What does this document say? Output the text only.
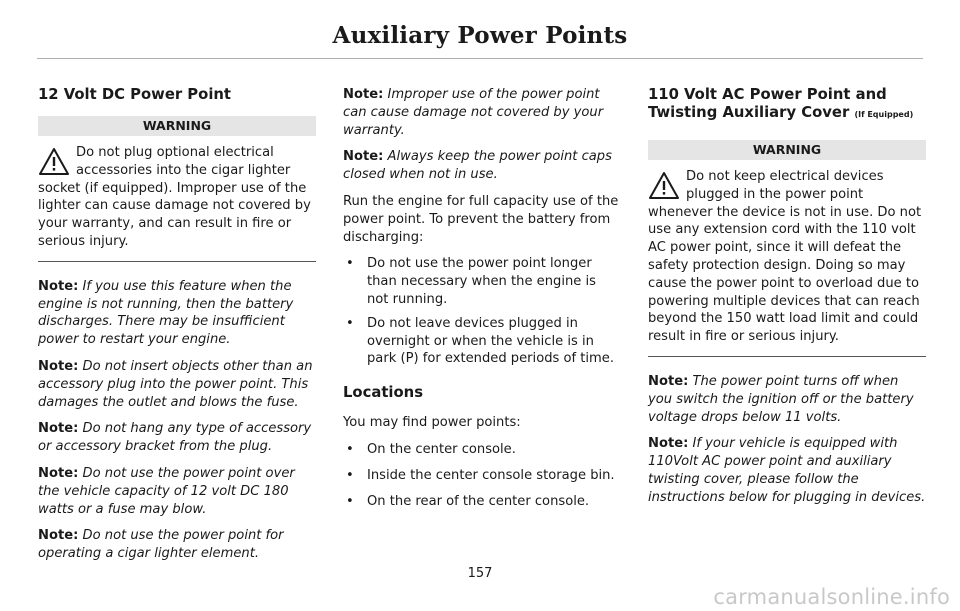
Auxiliary Power Points
12 Volt DC Power Point
WARNING
Do not plug optional electrical accessories into the cigar lighter socket (if equipped). Improper use of the lighter can cause damage not covered by your warranty, and can result in fire or serious injury.

Note: If you use this feature when the engine is not running, then the battery discharges. There may be insufficient power to restart your engine.

Note: Do not insert objects other than an accessory plug into the power point. This damages the outlet and blows the fuse.

Note: Do not hang any type of accessory or accessory bracket from the plug.

Note: Do not use the power point over the vehicle capacity of 12 volt DC 180 watts or a fuse may blow.

Note: Do not use the power point for operating a cigar lighter element.

Note: Improper use of the power point can cause damage not covered by your warranty.

Note: Always keep the power point caps closed when not in use.

Run the engine for full capacity use of the power point. To prevent the battery from discharging:

• Do not use the power point longer than necessary when the engine is not running.
• Do not leave devices plugged in overnight or when the vehicle is in park (P) for extended periods of time.
Locations

You may find power points:

• On the center console.
• Inside the center console storage bin.
• On the rear of the center console.
110 Volt AC Power Point and Twisting Auxiliary Cover (If Equipped)
WARNING
Do not keep electrical devices plugged in the power point whenever the device is not in use. Do not use any extension cord with the 110 volt AC power point, since it will defeat the safety protection design. Doing so may cause the power point to overload due to powering multiple devices that can reach beyond the 150 watt load limit and could result in fire or serious injury.

Note: The power point turns off when you switch the ignition off or the battery voltage drops below 11 volts.

Note: If your vehicle is equipped with 110Volt AC power point and auxiliary twisting cover, please follow the instructions below for plugging in devices.

157
carmanualsonline.info
